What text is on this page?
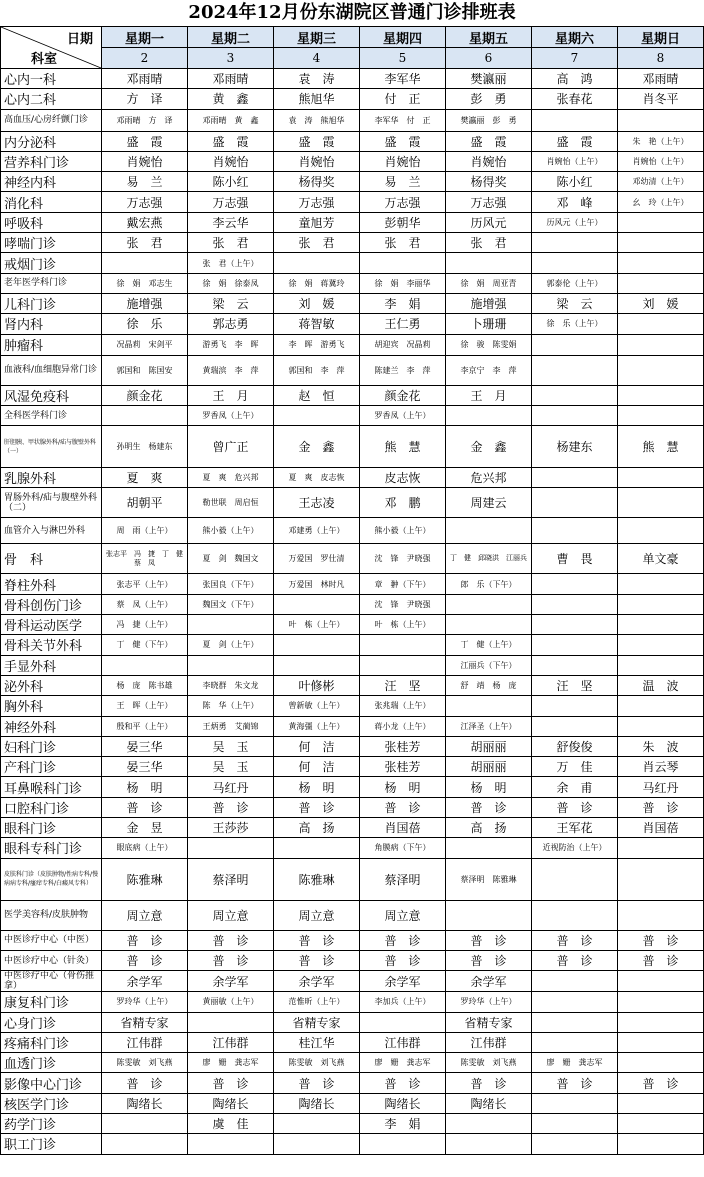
2024年12月份东湖院区普通门诊排班表
日期
科室	星期一	星期二	星期三	星期四	星期五	星期六	星期日
	2	3	4	5	6	7	8
心内一科	邓雨晴	邓雨晴	袁　涛	李军华	樊瀛丽	高　鸿	邓雨晴
心内二科	方　译	黄　鑫	熊旭华	付　正	彭　勇	张春花	肖冬平
高血压/心房纤颤门诊	邓雨晴　方　译	邓雨晴　黄　鑫	袁　涛　熊旭华	李军华　付　正	樊瀛丽　彭　勇		
内分泌科	盛　霞	盛　霞	盛　霞	盛　霞	盛　霞	盛　霞	朱　艳（上午）
营养科门诊	肖婉怡	肖婉怡	肖婉怡	肖婉怡	肖婉怡	肖婉怡（上午）	肖婉怡（上午）
神经内科	易　兰	陈小红	杨得奖	易　兰	杨得奖	陈小红	邓幼清（上午）
消化科	万志强	万志强	万志强	万志强	万志强	邓　峰	幺　玲（上午）
呼吸科	戴宏燕	李云华	童旭芳	彭朝华	历风元	历风元（上午）	
哮喘门诊	张　君	张　君	张　君	张　君	张　君		
戒烟门诊		张　君（上午）					
老年医学科门诊	徐　娟　邓志生	徐　娟　徐泰凤	徐　娟　蒋冀玲	徐　娟　李丽华	徐　娟　周亚青	郭泰伦（上午）	
儿科门诊	施增强	梁　云	刘　媛	李　娟	施增强	梁　云	刘　媛
肾内科	徐　乐	郭志勇	蒋智敏	王仁勇	卜珊珊	徐　乐（上午）	
肿瘤科	况晶莉　宋剑平	游勇飞　李　晖	李　晖　游勇飞	胡迎宾　况晶莉	徐　骏　陈雯娟		
血液科/血细胞异常门诊	郭国和　陈国安	黄瑞滨　李　萍	郭国和　李　萍	陈建兰　李　萍	李京宁　李　萍		
风湿免疫科	颜金花	王　月	赵　恒	颜金花	王　月		
全科医学科门诊		罗香凤（上午）		罗香凤（上午）			
肝胆胰、甲状腺外科/疝与腹壁外科（一）	孙明生　杨建东	曾广正	金　鑫	熊　慧	金　鑫	杨建东	熊　慧
乳腺外科	夏　爽	夏　爽　危兴邦	夏　爽　皮志恢	皮志恢	危兴邦		
胃肠外科/疝与腹壁外科（二）	胡朝平	勒世联　周启恒	王志凌	邓　鹏	周建云		
血管介入与淋巴外科	周　雨（上午）	熊小毅（上午）	邓建勇（上午）	熊小毅（上午）			
骨　科	张志平　冯　捷　丁　健　蔡　凤	夏　剑　魏国文	万爱国　罗仕清	沈　锋　尹晓强	丁　健　邱晓洪　江丽兵	曹　畏	单文豪
脊柱外科	张志平（上午）	张国良（下午）	万爱国　林时凡	章　翀（下午）	郎　乐（下午）		
骨科创伤门诊	蔡　凤（上午）	魏国文（下午）		沈　锋　尹晓强			
骨科运动医学	冯　捷（上午）		叶　栋（上午）	叶　栋（上午）			
骨科关节外科	丁　健（下午）	夏　剑（上午）			丁　健（上午）		
手显外科					江丽兵（下午）		
泌外科	杨　庞　陈书雄	李晓群　朱文龙	叶修彬	汪　坚	舒　靖　杨　庞	汪　坚	温　波
胸外科	王　晖（上午）	陈　华（上午）	曾新敏（上午）	张兆瑞（上午）			
神经外科	殷和平（上午）	王炳勇　艾蔺锦	黄海彊（上午）	蒋小龙（上午）	江泽圣（上午）		
妇科门诊	晏三华	吴　玉	何　洁	张桂芳	胡丽丽	舒俊俊	朱　波
产科门诊	晏三华	吴　玉	何　洁	张桂芳	胡丽丽	万　佳	肖云琴
耳鼻喉科门诊	杨　明	马红丹	杨　明	杨　明	杨　明	余　甫	马红丹
口腔科门诊	普　诊	普　诊	普　诊	普　诊	普　诊	普　诊	普　诊
眼科门诊	金　昱	王莎莎	高　扬	肖国蓓	高　扬	王军花	肖国蓓
眼科专科门诊	眼底病（上午）			角膜病（下午）		近视防治（上午）	
皮肤科门诊（皮肤肿物/性病专科/慢病病专科/瘙痒专科/白癜风专科）	陈雅琳	蔡泽明	陈雅琳	蔡泽明	蔡泽明　陈雅琳		
医学美容科/皮肤肿物	周立意	周立意	周立意	周立意			
中医诊疗中心（中医）	普　诊	普　诊	普　诊	普　诊	普　诊	普　诊	普　诊
中医诊疗中心（针灸）	普　诊	普　诊	普　诊	普　诊	普　诊	普　诊	普　诊
中医诊疗中心（骨伤推拿）	余学军	余学军	余学军	余学军	余学军		
康复科门诊	罗玲华（上午）	黄丽敏（上午）	范惟昕（上午）	李加兵（上午）	罗玲华（上午）		
心身门诊	省精专家		省精专家		省精专家		
疼痛科门诊	江伟群	江伟群	桂江华	江伟群	江伟群		
血透门诊	陈雯敏　刘飞燕	廖　姗　龚志军	陈雯敏　刘飞燕	廖　姗　龚志军	陈雯敏　刘飞燕	廖　姗　龚志军	
影像中心门诊	普　诊	普　诊	普　诊	普　诊	普　诊	普　诊	普　诊
核医学门诊	陶绪长	陶绪长	陶绪长	陶绪长	陶绪长		
药学门诊		虞　佳		李　娟			
职工门诊							
